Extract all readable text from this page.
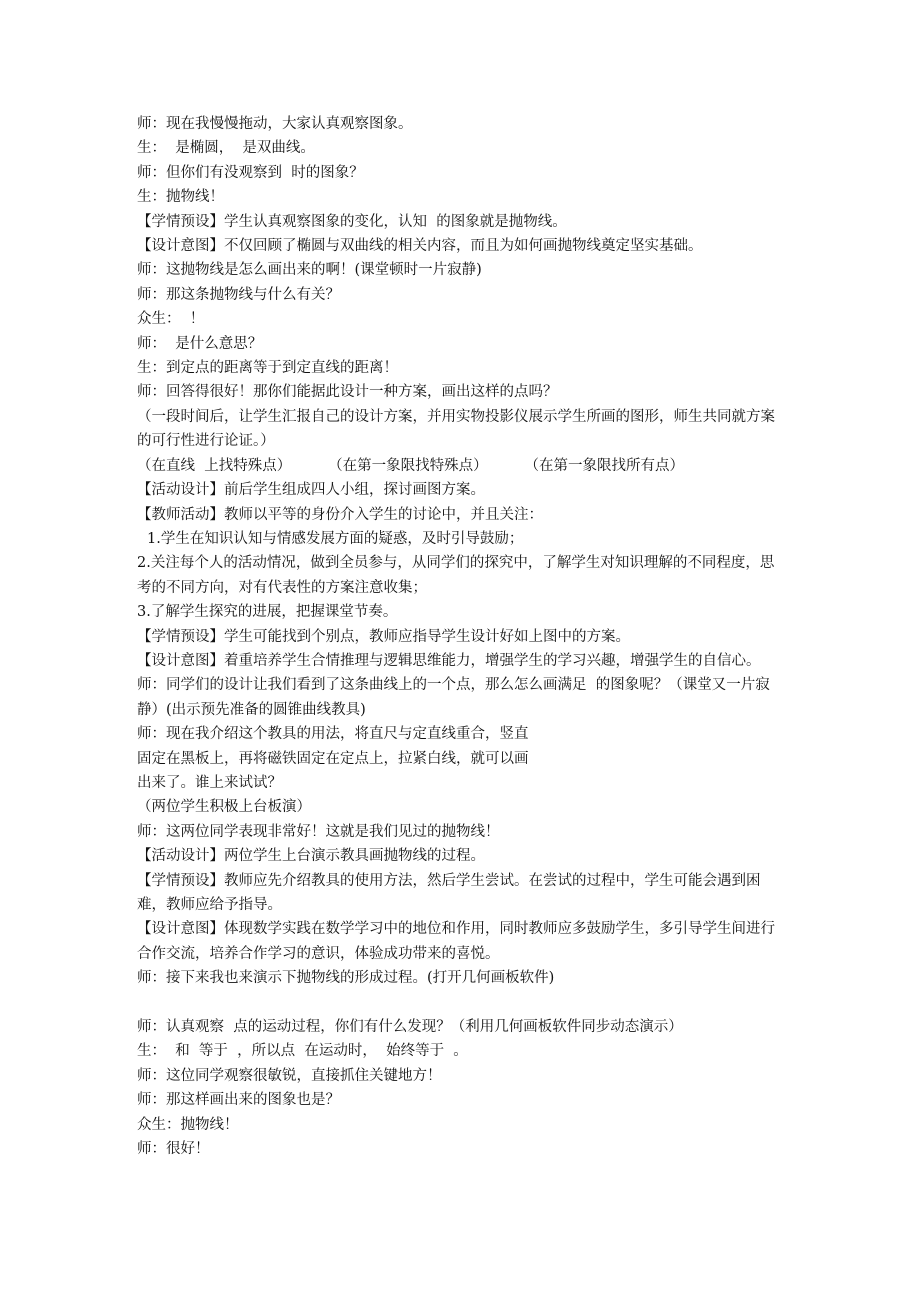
师：现在我慢慢拖动，大家认真观察图象。

生：  是椭圆，  是双曲线。

师：但你们有没观察到  时的图象？

生：抛物线！

【学情预设】学生认真观察图象的变化，认知  的图象就是抛物线。

【设计意图】不仅回顾了椭圆与双曲线的相关内容，而且为如何画抛物线奠定坚实基础。

师：这抛物线是怎么画出来的啊！(课堂顿时一片寂静)

师：那这条抛物线与什么有关？

众生：  ！

师：  是什么意思？

生：到定点的距离等于到定直线的距离！

师：回答得很好！那你们能据此设计一种方案，画出这样的点吗？

（一段时间后，让学生汇报自己的设计方案，并用实物投影仪展示学生所画的图形，师生共同就方案的可行性进行论证。）

（在直线  上找特殊点）        （在第一象限找特殊点）        （在第一象限找所有点）

【活动设计】前后学生组成四人小组，探讨画图方案。

【教师活动】教师以平等的身份介入学生的讨论中，并且关注：

1.学生在知识认知与情感发展方面的疑惑，及时引导鼓励；

2.关注每个人的活动情况，做到全员参与，从同学们的探究中，了解学生对知识理解的不同程度，思考的不同方向，对有代表性的方案注意收集；

3.了解学生探究的进展，把握课堂节奏。

【学情预设】学生可能找到个别点，教师应指导学生设计好如上图中的方案。

【设计意图】着重培养学生合情推理与逻辑思维能力，增强学生的学习兴趣，增强学生的自信心。

师：同学们的设计让我们看到了这条曲线上的一个点，那么怎么画满足  的图象呢？（课堂又一片寂静）(出示预先准备的圆锥曲线教具)

师：现在我介绍这个教具的用法，将直尺与定直线重合，竖直

固定在黑板上，再将磁铁固定在定点上，拉紧白线，就可以画

出来了。谁上来试试？

（两位学生积极上台板演）

师：这两位同学表现非常好！这就是我们见过的抛物线！

【活动设计】两位学生上台演示教具画抛物线的过程。

【学情预设】教师应先介绍教具的使用方法，然后学生尝试。在尝试的过程中，学生可能会遇到困难，教师应给予指导。

【设计意图】体现数学实践在数学学习中的地位和作用，同时教师应多鼓励学生，多引导学生间进行合作交流，培养合作学习的意识，体验成功带来的喜悦。

师：接下来我也来演示下抛物线的形成过程。(打开几何画板软件)

师：认真观察  点的运动过程，你们有什么发现？（利用几何画板软件同步动态演示）

生：  和  等于  ，所以点  在运动时，  始终等于  。

师：这位同学观察很敏锐，直接抓住关键地方！

师：那这样画出来的图象也是？

众生：抛物线！

师：很好！
